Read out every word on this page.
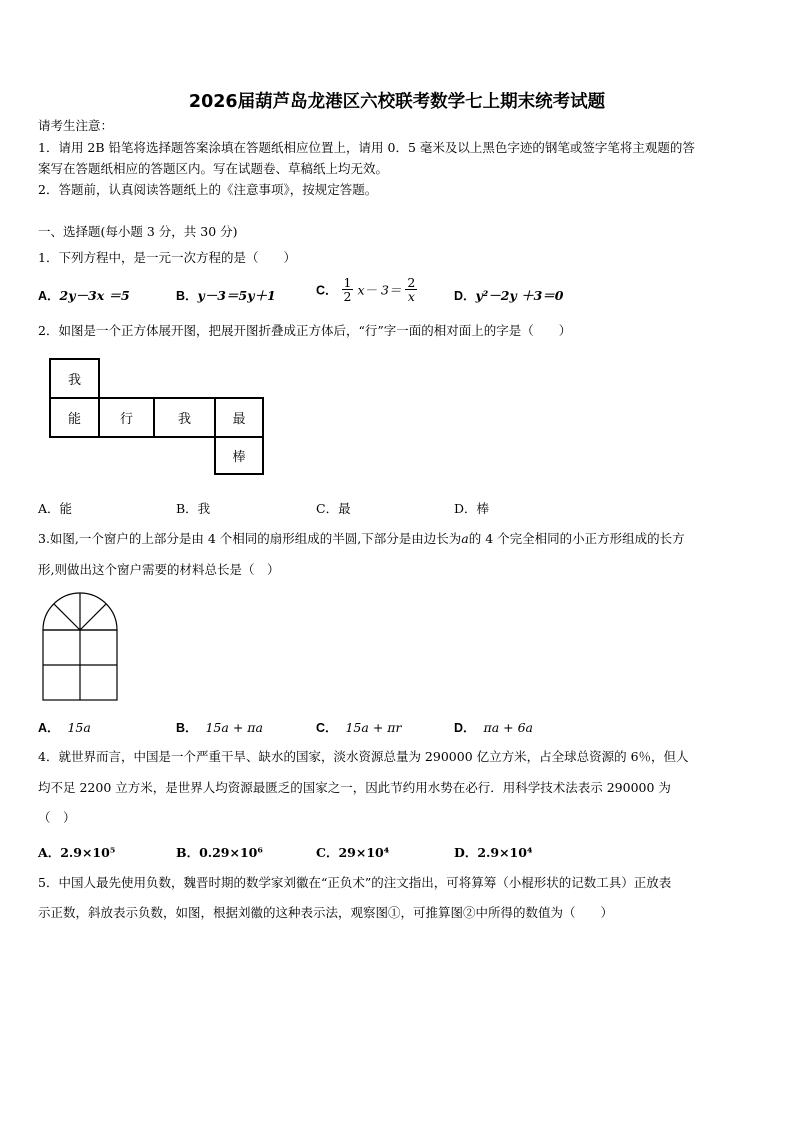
2026届葫芦岛龙港区六校联考数学七上期末统考试题
请考生注意：
1．请用 2B 铅笔将选择题答案涂填在答题纸相应位置上，请用 0．5 毫米及以上黑色字迹的钢笔或签字笔将主观题的答
案写在答题纸相应的答题区内。写在试题卷、草稿纸上均无效。
2．答题前，认真阅读答题纸上的《注意事项》，按规定答题。
一、选择题(每小题 3 分，共 30 分)
1．下列方程中，是一元一次方程的是（　　）
A．2y－3x ＝5	B．y－3＝5y＋1	C． $\frac{1}{2} x- 3= \frac{2}{x}$	D．y²－2y ＋3＝0
2．如图是一个正方体展开图，把展开图折叠成正方体后，“行”字一面的相对面上的字是（　　）
我
能	行	我	最
棒
A．能	B．我	C．最	D．棒
3.如图,一个窗户的上部分是由 4 个相同的扇形组成的半圆,下部分是由边长为a的 4 个完全相同的小正方形组成的长方
形,则做出这个窗户需要的材料总长是（　）
A． 15a	B． 15a + πa	C． 15a + πr	D． πa + 6a
4．就世界而言，中国是一个严重干旱、缺水的国家，淡水资源总量为 290000 亿立方米，占全球总资源的 6％，但人
均不足 2200 立方米，是世界人均资源最匮乏的国家之一，因此节约用水势在必行．用科学技术法表示 290000 为
（　）
A．2.9×10⁵	B．0.29×10⁶	C．29×10⁴	D．2.9×10⁴
5．中国人最先使用负数，魏晋时期的数学家刘徽在“正负术”的注文指出，可将算筹（小棍形状的记数工具）正放表
示正数，斜放表示负数，如图，根据刘徽的这种表示法，观察图①，可推算图②中所得的数值为（　　）
